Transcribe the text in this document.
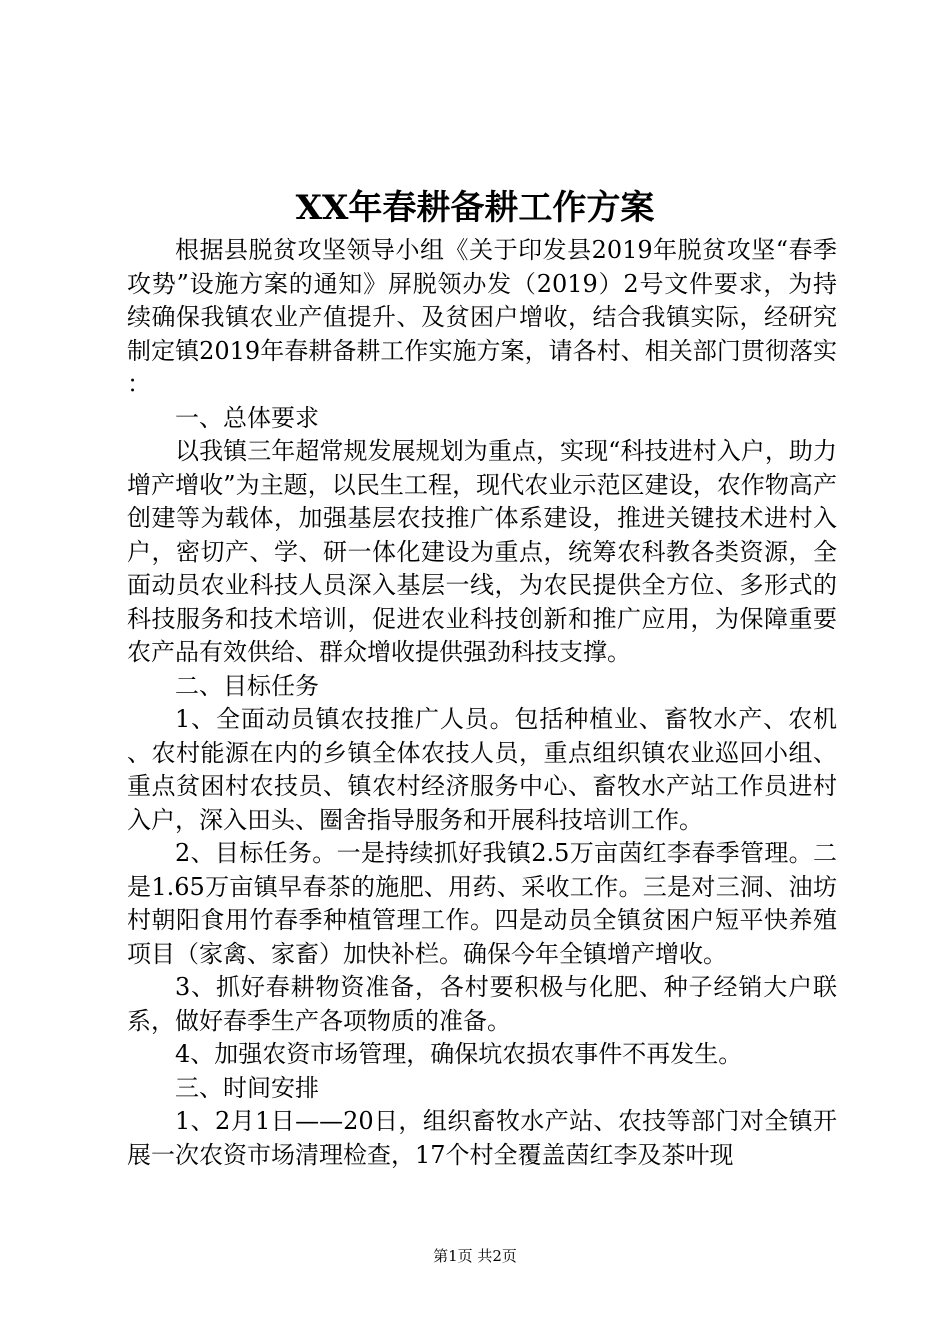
XX年春耕备耕工作方案

根据县脱贫攻坚领导小组《关于印发县2019年脱贫攻坚“春季攻势”设施方案的通知》屏脱领办发（2019）2号文件要求，为持续确保我镇农业产值提升、及贫困户增收，结合我镇实际，经研究制定镇2019年春耕备耕工作实施方案，请各村、相关部门贯彻落实：

一、总体要求

以我镇三年超常规发展规划为重点，实现“科技进村入户，助力增产增收”为主题，以民生工程，现代农业示范区建设，农作物高产创建等为载体，加强基层农技推广体系建设，推进关键技术进村入户，密切产、学、研一体化建设为重点，统筹农科教各类资源，全面动员农业科技人员深入基层一线，为农民提供全方位、多形式的科技服务和技术培训，促进农业科技创新和推广应用，为保障重要农产品有效供给、群众增收提供强劲科技支撑。

二、目标任务

1、全面动员镇农技推广人员。包括种植业、畜牧水产、农机、农村能源在内的乡镇全体农技人员，重点组织镇农业巡回小组、重点贫困村农技员、镇农村经济服务中心、畜牧水产站工作员进村入户，深入田头、圈舍指导服务和开展科技培训工作。

2、目标任务。一是持续抓好我镇2.5万亩茵红李春季管理。二是1.65万亩镇早春茶的施肥、用药、采收工作。三是对三洞、油坊村朝阳食用竹春季种植管理工作。四是动员全镇贫困户短平快养殖项目（家禽、家畜）加快补栏。确保今年全镇增产增收。

3、抓好春耕物资准备，各村要积极与化肥、种子经销大户联系，做好春季生产各项物质的准备。

4、加强农资市场管理，确保坑农损农事件不再发生。

三、时间安排

1、2月1日——20日，组织畜牧水产站、农技等部门对全镇开展一次农资市场清理检查，17个村全覆盖茵红李及茶叶现

第1页 共2页
